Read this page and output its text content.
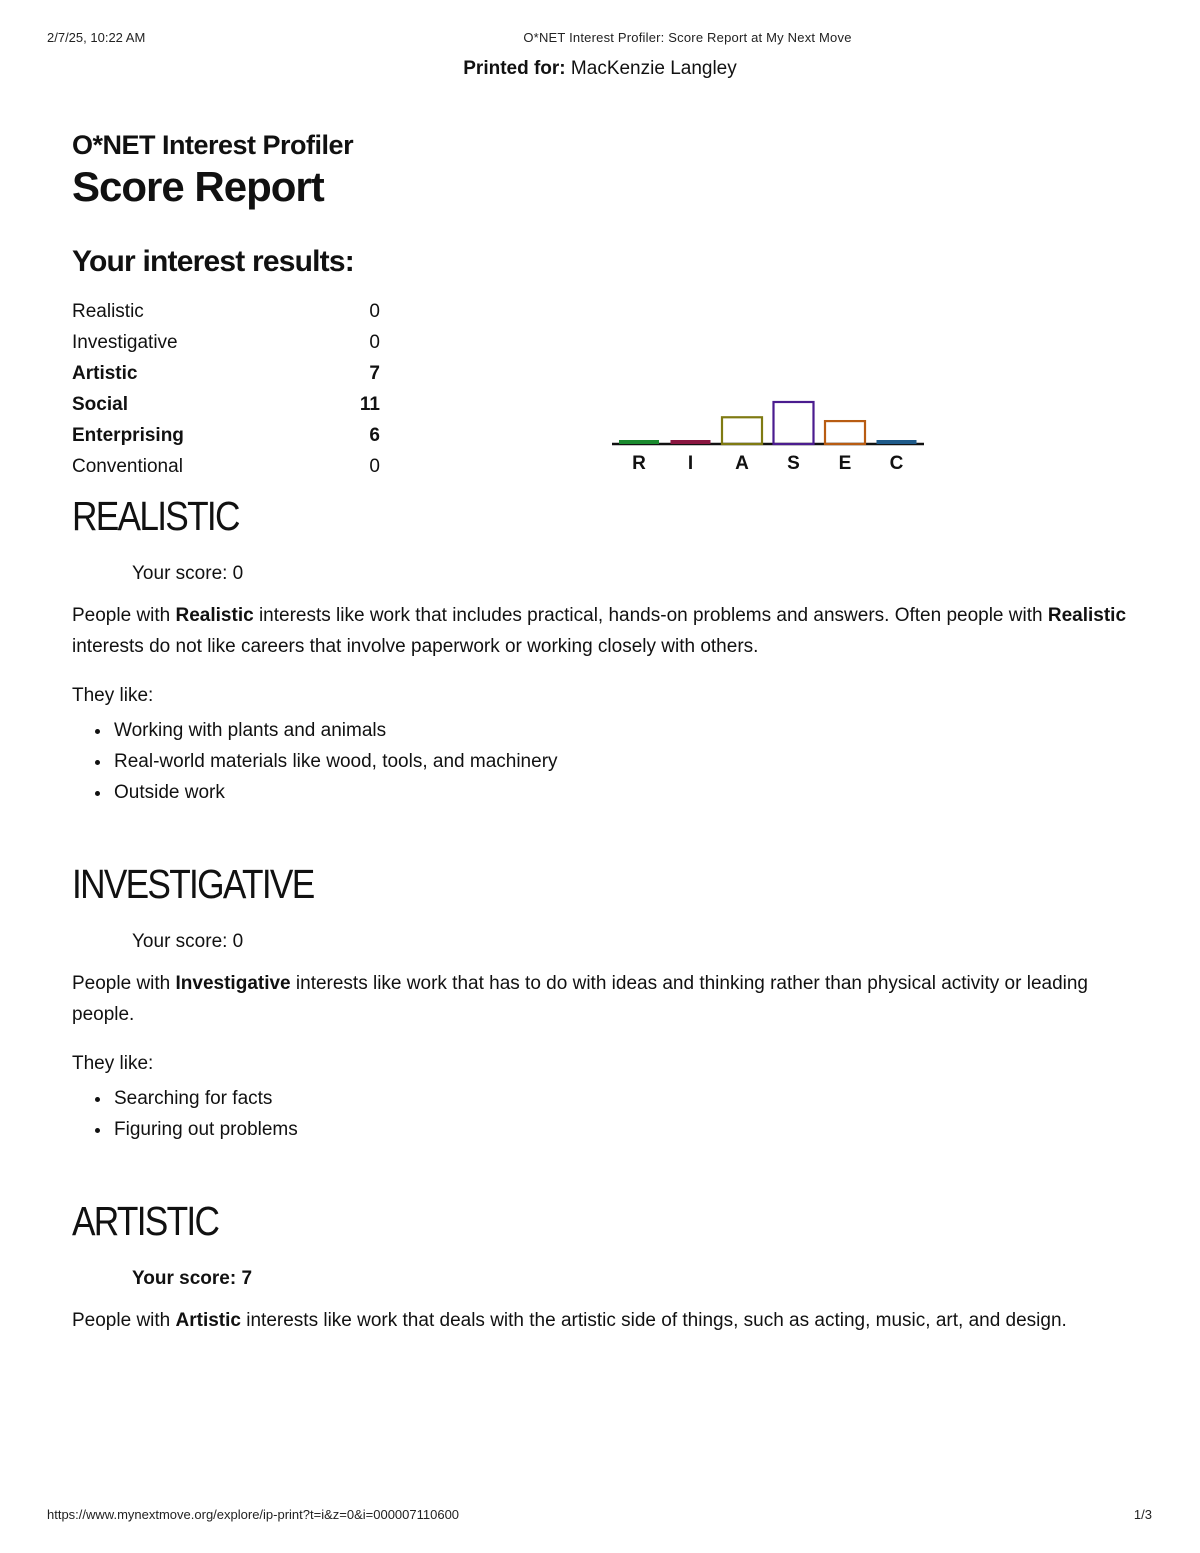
2/7/25, 10:22 AM	O*NET Interest Profiler: Score Report at My Next Move
Printed for: MacKenzie Langley
O*NET Interest Profiler
Score Report
Your interest results:
Realistic	0
Investigative	0
Artistic	7
Social	11
Enterprising	6
Conventional	0	R I A S E C
REALISTIC
Your score: 0

People with Realistic interests like work that includes practical, hands-on problems and answers. Often people with Realistic interests do not like careers that involve paperwork or working closely with others.

They like:
• Working with plants and animals
• Real-world materials like wood, tools, and machinery
• Outside work
INVESTIGATIVE
Your score: 0

People with Investigative interests like work that has to do with ideas and thinking rather than physical activity or leading people.

They like:
• Searching for facts
• Figuring out problems
ARTISTIC
Your score: 7

People with Artistic interests like work that deals with the artistic side of things, such as acting, music, art, and design.

https://www.mynextmove.org/explore/ip-print?t=i&z=0&i=000007110600	1/3
